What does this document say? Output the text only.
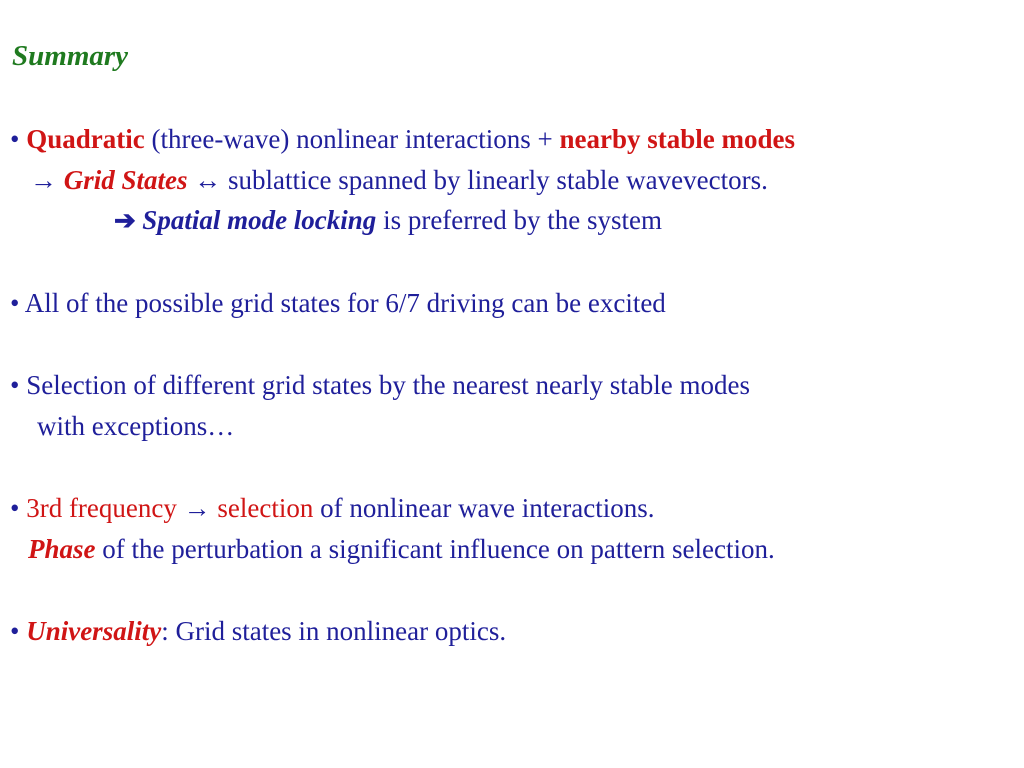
Summary
• Quadratic (three-wave) nonlinear interactions + nearby stable modes
→ Grid States ↔ sublattice spanned by linearly stable wavevectors.
➔ Spatial mode locking is preferred by the system
• All of the possible grid states for 6/7 driving can be excited
• Selection of different grid states by the nearest nearly stable modes
with exceptions…
• 3rd frequency → selection of nonlinear wave interactions.
Phase of the perturbation a significant influence on pattern selection.
• Universality: Grid states in nonlinear optics.
